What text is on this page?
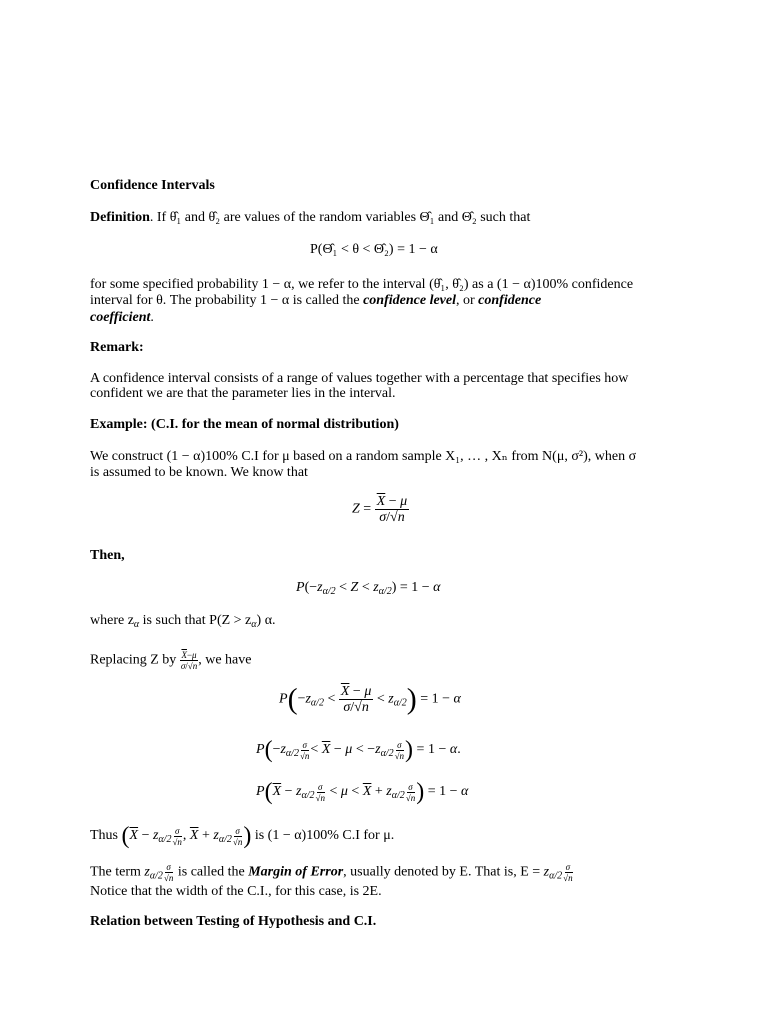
Confidence Intervals
Definition. If θ̂₁ and θ̂₂ are values of the random variables Θ̂₁ and Θ̂₂ such that
P(Θ̂₁ < θ < Θ̂₂) = 1 − α
for some specified probability 1 − α, we refer to the interval (θ̂₁, θ̂₂) as a (1 − α)100% confidence
interval for θ. The probability 1 − α is called the confidence level, or confidence
coefficient.
Remark:
A confidence interval consists of a range of values together with a percentage that specifies how
confident we are that the parameter lies in the interval.
Example: (C.I. for the mean of normal distribution)
We construct (1 − α)100% C.I for μ based on a random sample X₁, … , Xₙ from N(μ, σ²), when σ
is assumed to be known. We know that
$Z = \frac{\overline{X} - \mu}{\sigma/√n}$
Then,
$P(-z_{\alpha/2} < Z < z_{\alpha/2}) = 1 - \alpha$
where $z_\alpha$ is such that $P(Z > z_\alpha)$ α.
Replacing Z by $\frac{\overline{X}-\mu}{\sigma/√n}$ , we have
$P(-z_{\alpha/2} < \frac{\overline{X} - \mu}{\sigma/√n} < z_{\alpha/2}) = 1 - \alpha$
$P(-z_{\alpha/2} \frac{\sigma}{√n} < \overline{X} - \mu < -z_{\alpha/2} \frac{\sigma}{√n}$ ) = 1 − α.
$P(\overline{X} - z_{\alpha/2} \frac{\sigma}{√n} < \mu < \overline{X} + z_{\alpha/2} \frac{\sigma}{√n}$ ) = 1 − α
Thus ($\overline{X} - z_{\alpha/2} \frac{\sigma}{√n}$ , $\overline{X} + z_{\alpha/2} \frac{\sigma}{√n}$ ) is (1 − α)100% C.I for μ.
The term $z_{\alpha/2} \frac{\sigma}{√n}$ is called the Margin of Error, usually denoted by E. That is, $E = z_{\alpha/2} \frac{\sigma}{√n}$
Notice that the width of the C.I., for this case, is 2E.
Relation between Testing of Hypothesis and C.I.
